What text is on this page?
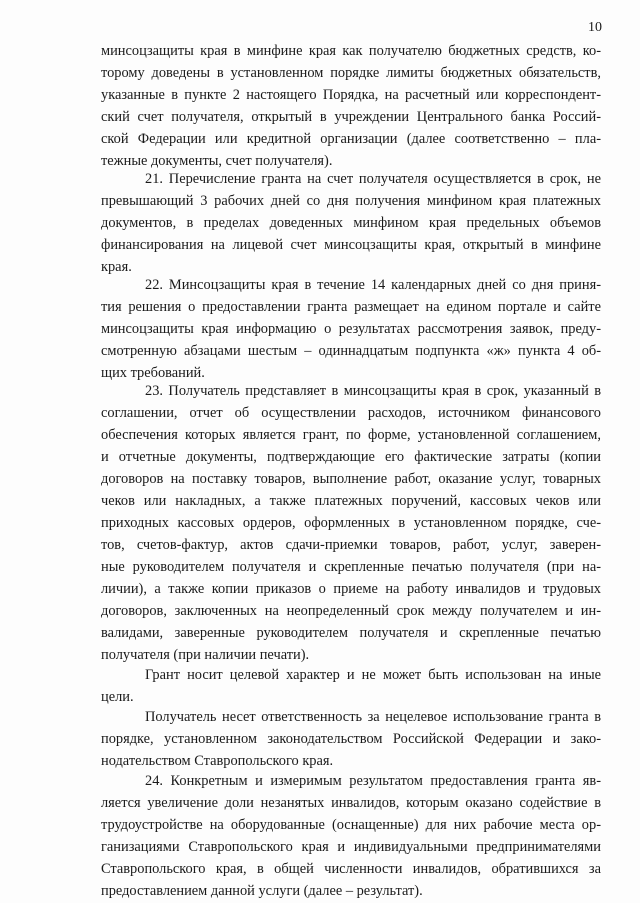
10
минсоцзащиты края в минфине края как получателю бюджетных средств, ко-
торому доведены в установленном порядке лимиты бюджетных обязательств,
указанные в пункте 2 настоящего Порядка, на расчетный или корреспондент-
ский счет получателя, открытый в учреждении Центрального банка Россий-
ской Федерации или кредитной организации (далее соответственно – пла-
тежные документы, счет получателя).
21. Перечисление гранта на счет получателя осуществляется в срок, не
превышающий 3 рабочих дней со дня получения минфином края платежных
документов, в пределах доведенных минфином края предельных объемов
финансирования на лицевой счет минсоцзащиты края, открытый в минфине
края.
22. Минсоцзащиты края в течение 14 календарных дней со дня приня-
тия решения о предоставлении гранта размещает на едином портале и сайте
минсоцзащиты края информацию о результатах рассмотрения заявок, преду-
смотренную абзацами шестым – одиннадцатым подпункта «ж» пункта 4 об-
щих требований.
23. Получатель представляет в минсоцзащиты края в срок, указанный в
соглашении, отчет об осуществлении расходов, источником финансового
обеспечения которых является грант, по форме, установленной соглашением,
и отчетные документы, подтверждающие его фактические затраты (копии
договоров на поставку товаров, выполнение работ, оказание услуг, товарных
чеков или накладных, а также платежных поручений, кассовых чеков или
приходных кассовых ордеров, оформленных в установленном порядке, сче-
тов, счетов-фактур, актов сдачи-приемки товаров, работ, услуг, заверен-
ные руководителем получателя и скрепленные печатью получателя (при на-
личии), а также копии приказов о приеме на работу инвалидов и трудовых
договоров, заключенных на неопределенный срок между получателем и ин-
валидами, заверенные руководителем получателя и скрепленные печатью
получателя (при наличии печати).
Грант носит целевой характер и не может быть использован на иные
цели.
Получатель несет ответственность за нецелевое использование гранта в
порядке, установленном законодательством Российской Федерации и зако-
нодательством Ставропольского края.
24. Конкретным и измеримым результатом предоставления гранта яв-
ляется увеличение доли незанятых инвалидов, которым оказано содействие в
трудоустройстве на оборудованные (оснащенные) для них рабочие места ор-
ганизациями Ставропольского края и индивидуальными предпринимателями
Ставропольского края, в общей численности инвалидов, обратившихся за
предоставлением данной услуги (далее – результат).
